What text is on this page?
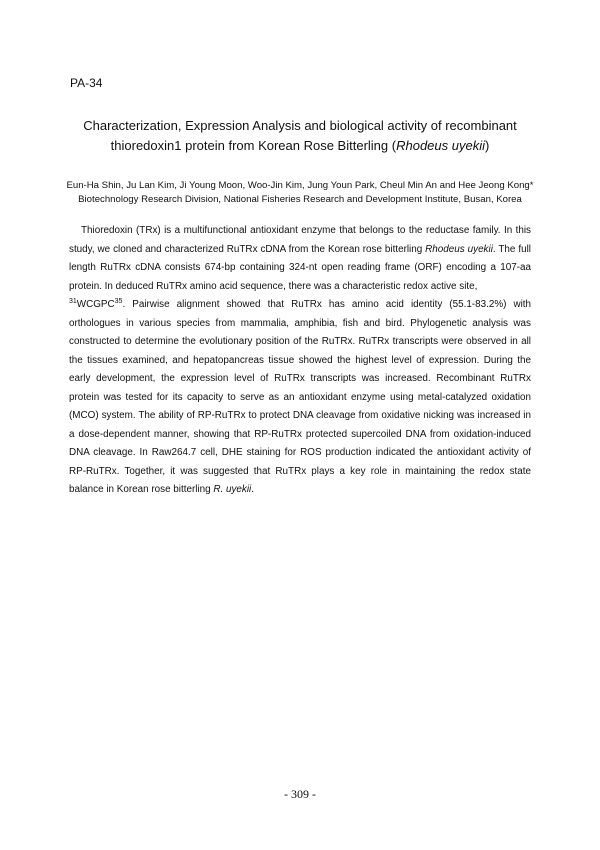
PA-34
Characterization, Expression Analysis and biological activity of recombinant
thioredoxin1 protein from Korean Rose Bitterling (Rhodeus uyekii)
Eun-Ha Shin, Ju Lan Kim, Ji Young Moon, Woo-Jin Kim, Jung Youn Park, Cheul Min An and Hee Jeong Kong*
Biotechnology Research Division, National Fisheries Research and Development Institute, Busan, Korea

Thioredoxin (TRx) is a multifunctional antioxidant enzyme that belongs to the reductase family. In this study, we cloned and characterized RuTRx cDNA from the Korean rose bitterling Rhodeus uyekii. The full length RuTRx cDNA consists 674-bp containing 324-nt open reading frame (ORF) encoding a 107-aa protein. In deduced RuTRx amino acid sequence, there was a characteristic redox active site,
$^{31}$WCGPC$^{35}$. Pairwise alignment showed that RuTRx has amino acid identity (55.1-83.2%) with orthologues in various species from mammalia, amphibia, fish and bird. Phylogenetic analysis was constructed to determine the evolutionary position of the RuTRx. RuTRx transcripts were observed in all the tissues examined, and hepatopancreas tissue showed the highest level of expression. During the early development, the expression level of RuTRx transcripts was increased. Recombinant RuTRx protein was tested for its capacity to serve as an antioxidant enzyme using metal-catalyzed oxidation (MCO) system. The ability of RP-RuTRx to protect DNA cleavage from oxidative nicking was increased in a dose-dependent manner, showing that RP-RuTRx protected supercoiled DNA from oxidation-induced DNA cleavage. In Raw264.7 cell, DHE staining for ROS production indicated the antioxidant activity of RP-RuTRx. Together, it was suggested that RuTRx plays a key role in maintaining the redox state balance in Korean rose bitterling R. uyekii.

- 309 -
